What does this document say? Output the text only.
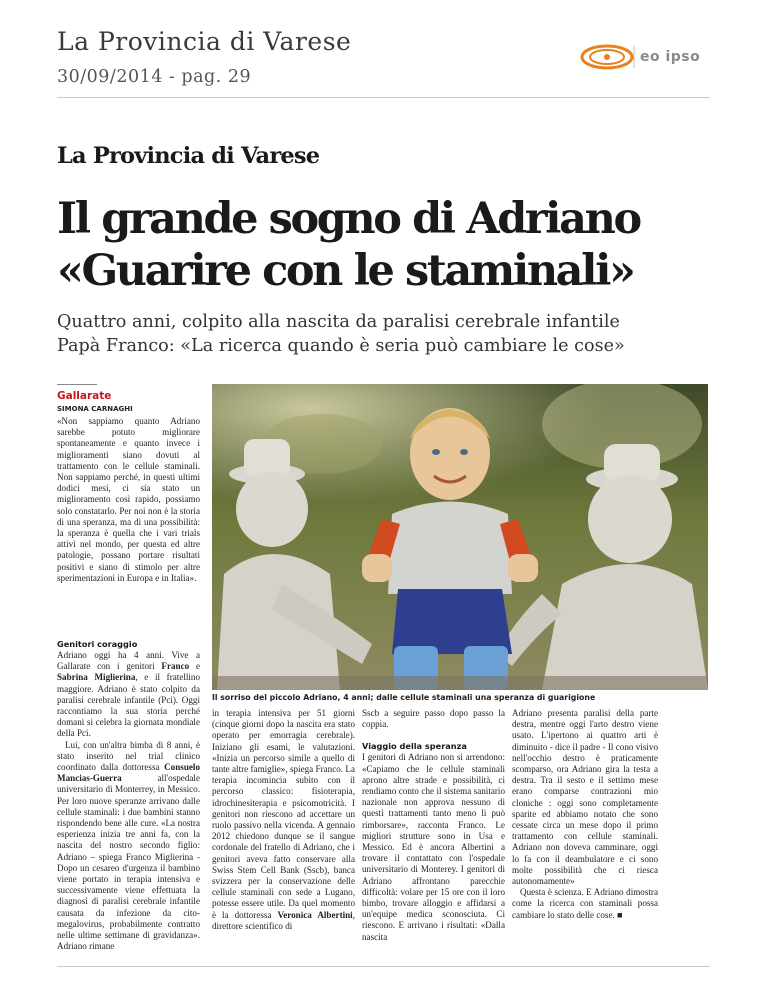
La Provincia di Varese
30/09/2014 - pag. 29
eo ipso
La Provincia di Varese
Il grande sogno di Adriano
«Guarire con le staminali»
Quattro anni, colpito alla nascita da paralisi cerebrale infantile
Papà Franco: «La ricerca quando è seria può cambiare le cose»
Gallarate
SIMONA CARNAGHI

«Non sappiamo quanto Adriano sarebbe potuto migliorare spontaneamente e quanto invece i miglioramenti siano dovuti al trattamento con le cellule staminali. Non sappiamo perché, in questi ultimi dodici mesi, ci sia stato un miglioramento così rapido, possiamo solo constatarlo. Per noi non è la storia di una speranza, ma di una possibilità: la speranza è quella che i vari trials attivi nel mondo, per questa ed altre patologie, possano portare risultati positivi e siano di stimolo per altre sperimentazioni in Europa e in Italia».

Genitori coraggio

Adriano oggi ha 4 anni. Vive a Gallarate con i genitori Franco e Sabrina Miglierina, e il fratellino maggiore. Adriano è stato colpito da paralisi cerebrale infantile (Pci). Oggi raccontiamo la sua storia perché domani si celebra la giornata mondiale della Pci.

Lui, con un'altra bimba di 8 anni, è stato inserito nel trial clinico coordinato dalla dottoressa Consuelo Mancias-Guerra all'ospedale universitario di Monterrey, in Messico. Per loro nuove speranze arrivano dalle cellule staminali: i due bambini stanno rispondendo bene alle cure. «La nostra esperienza inizia tre anni fa, con la nascita del nostro secondo figlio: Adriano – spiega Franco Miglierina - Dopo un cesareo d'urgenza il bambino viene portato in terapia intensiva e successivamente viene effettuata la diagnosi di paralisi cerebrale infantile causata da infezione da cito-megalovirus, probabilmente contratto nelle ultime settimane di gravidanza». Adriano rimane

Il sorriso del piccolo Adriano, 4 anni; dalle cellule staminali una speranza di guarigione

in terapia intensiva per 51 giorni (cinque giorni dopo la nascita era stato operato per emorragia cerebrale). Iniziano gli esami, le valutazioni. «Inizia un percorso simile a quello di tante altre famiglie», spiega Franco. La terapia incomincia subito con il percorso classico: fisioterapia, idrochinesiterapia e psicomotricità. I genitori non riescono ad accettare un ruolo passivo nella vicenda. A gennaio 2012 chiedono dunque se il sangue cordonale del fratello di Adriano, che i genitori aveva fatto conservare alla Swiss Stem Cell Bank (Sscb), banca svizzera per la conservazione delle cellule staminali con sede a Lugano, potesse essere utile. Da quel momento è la dottoressa Veronica Albertini, direttore scientifico di

Sscb a seguire passo dopo passo la coppia.

Viaggio della speranza

I genitori di Adriano non si arrendono: «Capiamo che le cellule staminali aprono altre strade e possibilità, ci rendiamo conto che il sistema sanitario nazionale non approva nessuno di questi trattamenti tanto meno li può rimborsare», racconta Franco. Le migliori strutture sono in Usa e Messico. Ed è ancora Albertini a trovare il contattato con l'ospedale universitario di Monterey. I genitori di Adriano affrontano parecchie difficoltà: volare per 15 ore con il loro bimbo, trovare alloggio e affidarsi a un'equipe medica sconosciuta. Ci riescono. E arrivano i risultati: «Dalla nascita

Adriano presenta paralisi della parte destra, mentre oggi l'arto destro viene usato. L'ipertono ai quattro arti è diminuito - dice il padre - Il cono visivo nell'occhio destro è praticamente scomparso, ora Adriano gira la testa a destra. Tra il sesto e il settimo mese erano comparse contrazioni mio cloniche : oggi sono completamente sparite ed abbiamo notato che sono cessate circa un mese dopo il primo trattamento con cellule staminali. Adriano non doveva camminare, oggi lo fa con il deambulatore e ci sono molte possibilità che ci riesca autonomamente»

Questa è scienza. E Adriano dimostra come la ricerca con staminali possa cambiare lo stato delle cose. ■
